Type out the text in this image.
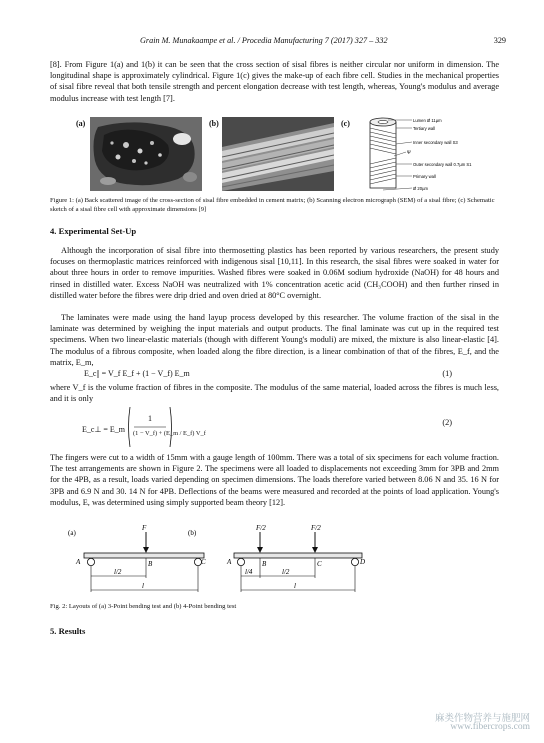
Grain M. Munakaampe et al. / Procedia Manufacturing 7 (2017) 327 – 332	329

[8]. From Figure 1(a) and 1(b) it can be seen that the cross section of sisal fibres is neither circular nor uniform in dimension. The longitudinal shape is approximately cylindrical. Figure 1(c) gives the make-up of each fibre cell. Studies in the mechanical properties of sisal fibre reveal that both tensile strength and percent elongation decrease with test length, whereas, Young's modulus and average modulus increase with test length [7].

(a)	(b)	(c)	Lumen Ø 11µm
Tertiary wall
Inner secondary wall S3
Ψ
Outer secondary wall 0.7µm S1
Primary wall
Ø 20µm

Figure 1: (a) Back scattered image of the cross-section of sisal fibre embedded in cement matrix; (b) Scanning electron micrograph (SEM) of a sisal fibre; (c) Schematic sketch of a sisal fibre cell with approximate dimensions [9]

4. Experimental Set-Up

Although the incorporation of sisal fibre into thermosetting plastics has been reported by various researchers, the present study focuses on thermoplastic matrices reinforced with indigenous sisal [10,11]. In this research, the sisal fibres were soaked in water for about three hours in order to remove impurities. Washed fibres were soaked in 0.06M sodium hydroxide (NaOH) for 48 hours and rinsed in distilled water. Excess NaOH was neutralized with 1% concentration acetic acid (CH₃COOH) and then further rinsed in distilled water before the fibres were drip dried and oven dried at 80°C overnight.

The laminates were made using the hand layup process developed by this researcher. The volume fraction of the sisal in the laminate was determined by weighing the input materials and output products. The final laminate was cut up in the required test specimens. When two linear-elastic materials (though with different Young's moduli) are mixed, the mixture is also linear-elastic [4]. The modulus of a fibrous composite, when loaded along the fibre direction, is a linear combination of that of the fibres, E_f, and the matrix, E_m,

E_c|| = V_f E_f + (1 − V_f) E_m	(1)

where V_f is the volume fraction of fibres in the composite. The modulus of the same material, loaded across the fibres is much less, and it is only

E_c⊥ = E_m
1
(1 − V_f) + (E_m / E_f) V_f
(2)

The fingers were cut to a width of 15mm with a gauge length of 100mm. There was a total of six specimens for each volume fraction. The test arrangements are shown in Figure 2. The specimens were all loaded to displacements not exceeding 3mm for 3PB and 2mm for the 4PB, as a result, loads varied depending on specimen dimensions. The loads therefore varied between 8.06 N and 35. 16 N for 3PB and 6.9 N and 30. 14 N for 4PB. Deflections of the beams were measured and recorded at the points of load application. Young's modulus, E, was determined using simply supported beam theory [12].

(a)	(b)
F
A	B	C
l/2
l
F/2	F/2
A	B	C	D
l/4	l/2
l

Fig. 2: Layouts of (a) 3-Point bending test and (b) 4-Point bending test

5. Results
麻类作物营养与施肥网
www.fibercrops.com
